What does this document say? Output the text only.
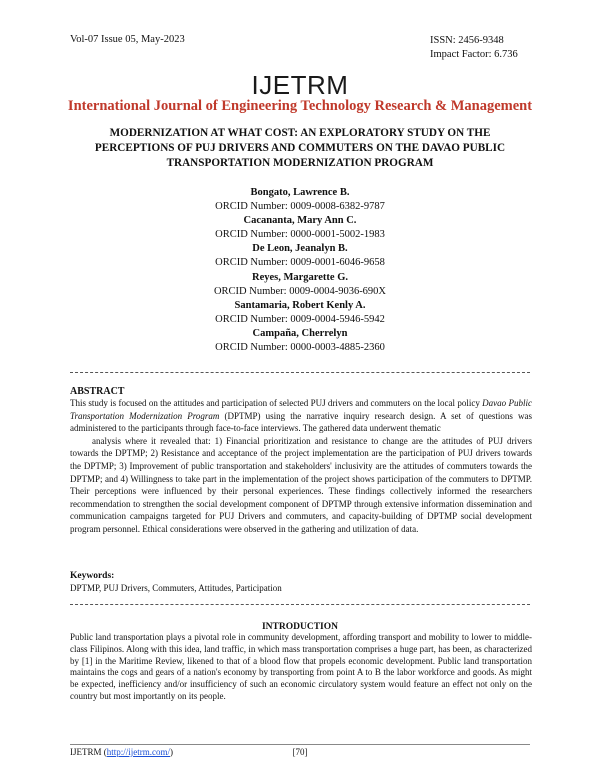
Vol-07 Issue 05, May-2023	ISSN: 2456-9348
Impact Factor: 6.736
IJETRM
International Journal of Engineering Technology Research & Management
MODERNIZATION AT WHAT COST: AN EXPLORATORY STUDY ON THE PERCEPTIONS OF PUJ DRIVERS AND COMMUTERS ON THE DAVAO PUBLIC TRANSPORTATION MODERNIZATION PROGRAM
Bongato, Lawrence B.
ORCID Number: 0009-0008-6382-9787
Cacananta, Mary Ann C.
ORCID Number: 0000-0001-5002-1983
De Leon, Jeanalyn B.
ORCID Number: 0009-0001-6046-9658
Reyes, Margarette G.
ORCID Number: 0009-0004-9036-690X
Santamaria, Robert Kenly A.
ORCID Number: 0009-0004-5946-5942
Campaña, Cherrelyn
ORCID Number: 0000-0003-4885-2360
ABSTRACT

This study is focused on the attitudes and participation of selected PUJ drivers and commuters on the local policy Davao Public Transportation Modernization Program (DPTMP) using the narrative inquiry research design. A set of questions was administered to the participants through face-to-face interviews. The gathered data underwent thematic

analysis where it revealed that: 1) Financial prioritization and resistance to change are the attitudes of PUJ drivers towards the DPTMP; 2) Resistance and acceptance of the project implementation are the participation of PUJ drivers towards the DPTMP; 3) Improvement of public transportation and stakeholders' inclusivity are the attitudes of commuters towards the DPTMP; and 4) Willingness to take part in the implementation of the project shows participation of the commuters to DPTMP. Their perceptions were influenced by their personal experiences. These findings collectively informed the researchers recommendation to strengthen the social development component of DPTMP through extensive information dissemination and communication campaigns targeted for PUJ Drivers and commuters, and capacity-building of DPTMP social development program personnel. Ethical considerations were observed in the gathering and utilization of data.

Keywords:
DPTMP, PUJ Drivers, Commuters, Attitudes, Participation
INTRODUCTION
Public land transportation plays a pivotal role in community development, affording transport and mobility to lower to middle-class Filipinos. Along with this idea, land traffic, in which mass transportation comprises a huge part, has been, as characterized by [1] in the Maritime Review, likened to that of a blood flow that propels economic development. Public land transportation maintains the cogs and gears of a nation's economy by transporting from point A to B the labor workforce and goods. As might be expected, inefficiency and/or insufficiency of such an economic circulatory system would feature an effect not only on the country but most importantly on its people.
IJETRM (http://ijetrm.com/)	[70]
